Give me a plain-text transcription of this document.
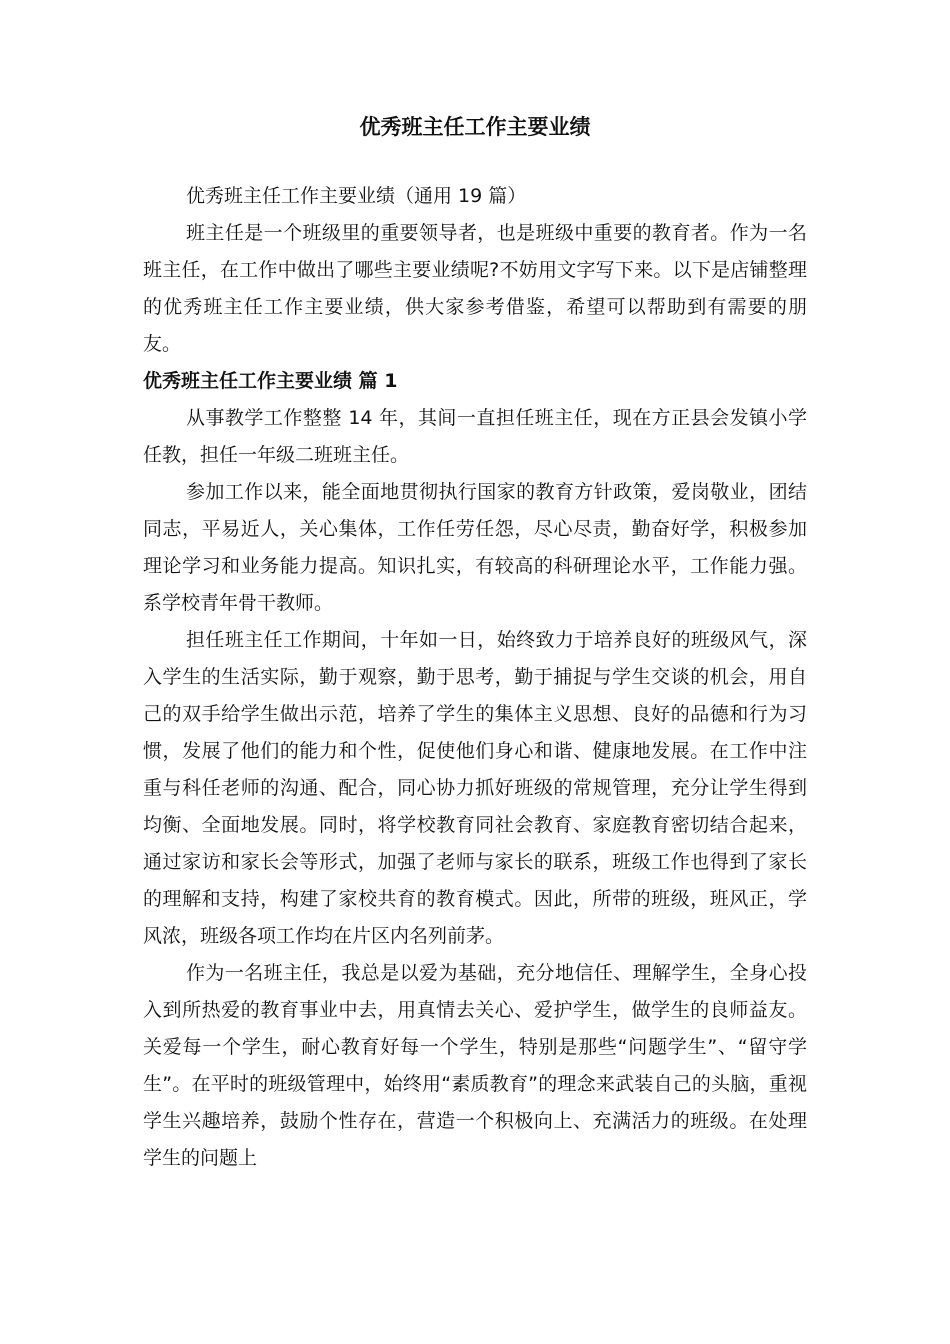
优秀班主任工作主要业绩

优秀班主任工作主要业绩（通用 19 篇）

班主任是一个班级里的重要领导者，也是班级中重要的教育者。作为一名班主任，在工作中做出了哪些主要业绩呢?不妨用文字写下来。以下是店铺整理的优秀班主任工作主要业绩，供大家参考借鉴，希望可以帮助到有需要的朋友。

优秀班主任工作主要业绩 篇 1

从事教学工作整整 14 年，其间一直担任班主任，现在方正县会发镇小学任教，担任一年级二班班主任。

参加工作以来，能全面地贯彻执行国家的教育方针政策，爱岗敬业，团结同志，平易近人，关心集体，工作任劳任怨，尽心尽责，勤奋好学，积极参加理论学习和业务能力提高。知识扎实，有较高的科研理论水平，工作能力强。系学校青年骨干教师。

担任班主任工作期间，十年如一日，始终致力于培养良好的班级风气，深入学生的生活实际，勤于观察，勤于思考，勤于捕捉与学生交谈的机会，用自己的双手给学生做出示范，培养了学生的集体主义思想、良好的品德和行为习惯，发展了他们的能力和个性，促使他们身心和谐、健康地发展。在工作中注重与科任老师的沟通、配合，同心协力抓好班级的常规管理，充分让学生得到均衡、全面地发展。同时，将学校教育同社会教育、家庭教育密切结合起来，通过家访和家长会等形式，加强了老师与家长的联系，班级工作也得到了家长的理解和支持，构建了家校共育的教育模式。因此，所带的班级，班风正，学风浓，班级各项工作均在片区内名列前茅。

作为一名班主任，我总是以爱为基础，充分地信任、理解学生，全身心投入到所热爱的教育事业中去，用真情去关心、爱护学生，做学生的良师益友。关爱每一个学生，耐心教育好每一个学生，特别是那些“问题学生”、“留守学生”。在平时的班级管理中，始终用“素质教育”的理念来武装自己的头脑，重视学生兴趣培养，鼓励个性存在，营造一个积极向上、充满活力的班级。在处理学生的问题上
